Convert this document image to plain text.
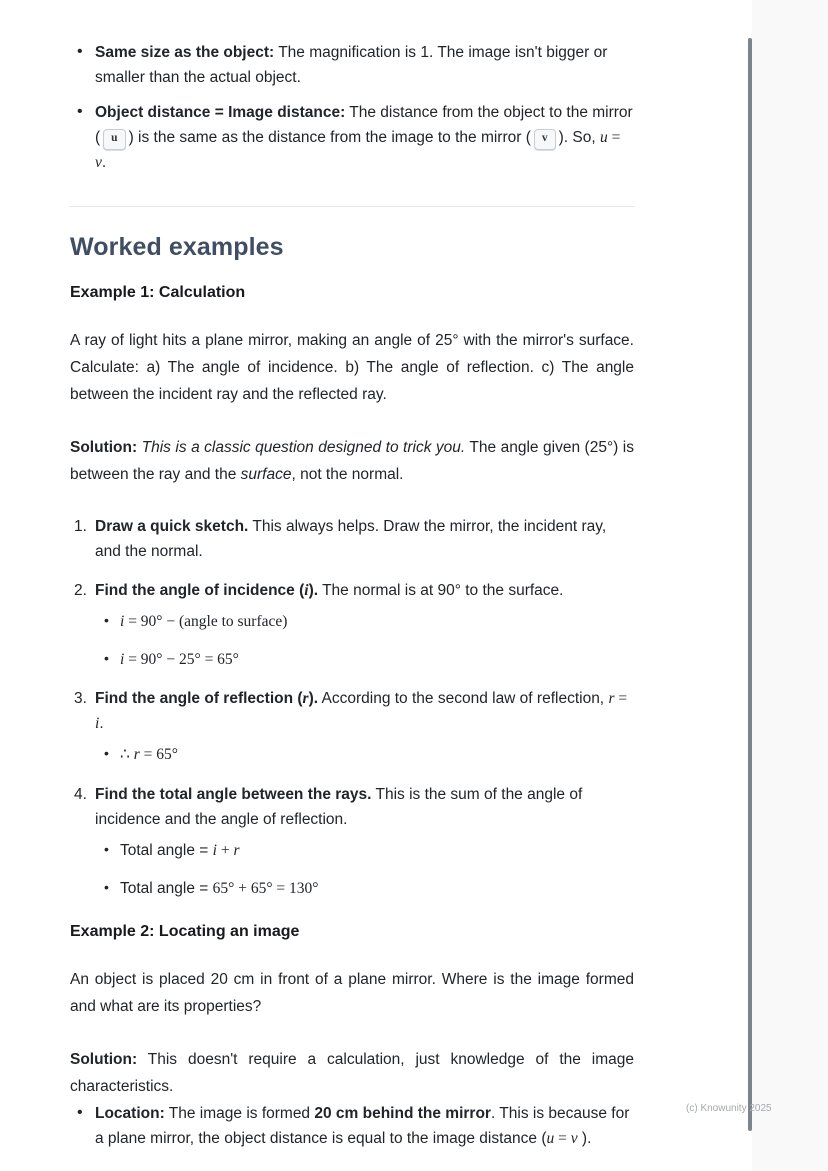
(c) Knowunity 2025
• Same size as the object: The magnification is 1. The image isn't bigger or smaller than the actual object.
• Object distance = Image distance: The distance from the object to the mirror ( u ) is the same as the distance from the image to the mirror ( v ). So, u = v.
Worked examples
Example 1: Calculation

A ray of light hits a plane mirror, making an angle of 25° with the mirror's surface. Calculate: a) The angle of incidence. b) The angle of reflection. c) The angle between the incident ray and the reflected ray.

Solution: This is a classic question designed to trick you. The angle given (25°) is between the ray and the surface, not the normal.

Draw a quick sketch. This always helps. Draw the mirror, the incident ray, and the normal.
Find the angle of incidence (i). The normal is at 90° to the surface.
• i = 90° − (angle to surface)
• i = 90° − 25° = 65°
Find the angle of reflection (r). According to the second law of reflection, r = i.
• ∴ r = 65°
Find the total angle between the rays. This is the sum of the angle of incidence and the angle of reflection.
• Total angle = i + r
• Total angle = 65° + 65° = 130°
Example 2: Locating an image

An object is placed 20 cm in front of a plane mirror. Where is the image formed and what are its properties?

Solution: This doesn't require a calculation, just knowledge of the image characteristics.

• Location: The image is formed 20 cm behind the mirror. This is because for a plane mirror, the object distance is equal to the image distance (u = v ).
